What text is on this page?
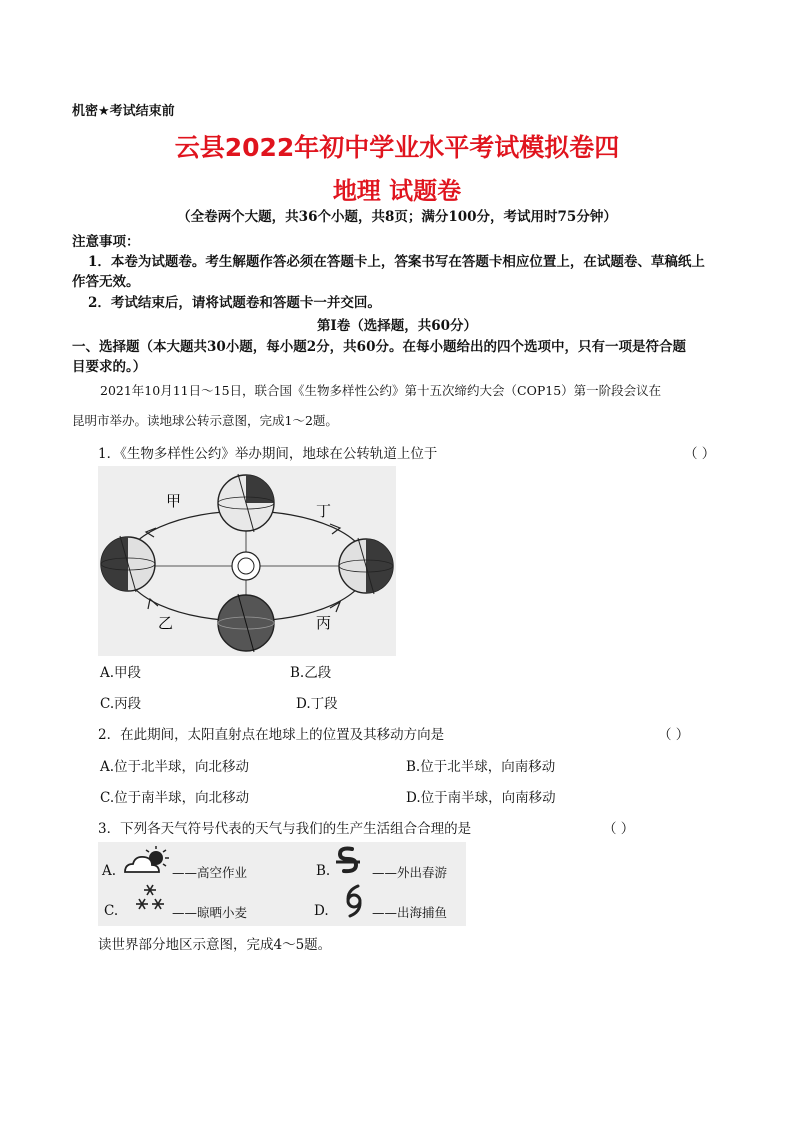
机密★考试结束前
云县2022年初中学业水平考试模拟卷四
地理 试题卷
（全卷两个大题，共36个小题，共8页；满分100分，考试用时75分钟）
注意事项：
1．本卷为试题卷。考生解题作答必须在答题卡上，答案书写在答题卡相应位置上，在试题卷、草稿纸上
作答无效。
2．考试结束后，请将试题卷和答题卡一并交回。
第Ⅰ卷（选择题，共60分）
一、选择题（本大题共30小题，每小题2分，共60分。在每小题给出的四个选项中，只有一项是符合题
目要求的。）
2021年10月11日～15日，联合国《生物多样性公约》第十五次缔约大会（COP15）第一阶段会议在
昆明市举办。读地球公转示意图，完成1～2题。
1．《生物多样性公约》举办期间，地球在公转轨道上位于	（ ）
甲
丁
乙	丙
A.甲段	B.乙段
C.丙段	D.丁段
2．在此期间，太阳直射点在地球上的位置及其移动方向是	（ ）
A.位于北半球，向北移动	B.位于北半球，向南移动
C.位于南半球，向北移动	D.位于南半球，向南移动
3．下列各天气符号代表的天气与我们的生产生活组合合理的是	（ ）
A.	——高空作业	B.	——外出春游
C.	——晾晒小麦	D.	——出海捕鱼
读世界部分地区示意图，完成4～5题。
